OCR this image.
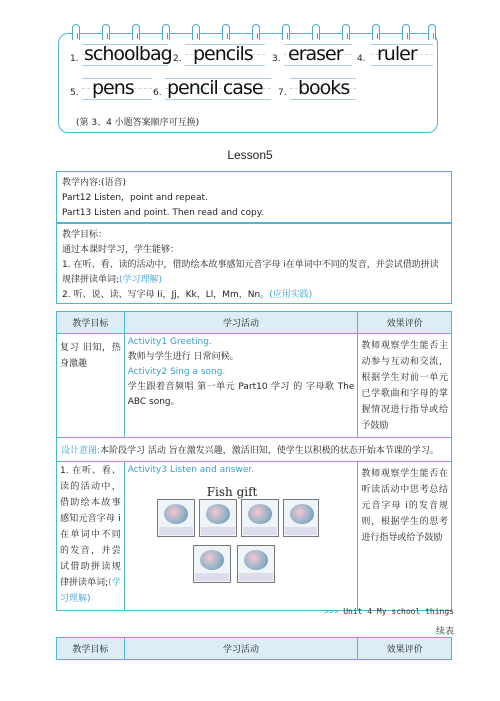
1. schoolbag 2. pencils 3. eraser 4. ruler
5. pens 6. pencil case 7. books
(第 3、4 小题答案顺序可互换)
Lesson5

教学内容:(语音)

Part12 Listen，point and repeat.

Part13 Listen and point. Then read and copy.

教学目标：

通过本课时学习，学生能够：

1. 在听、看、读的活动中，借助绘本故事感知元音字母 i在单词中不同的发音，并尝试借助拼读

规律拼读单词;(学习理解)

2. 听、说、读、写字母 Ii，Jj，Kk，Ll，Mm，Nn。(应用实践)

教学目标	学习活动	效果评价

复习 旧知，热身激趣	Activity1 Greeting.
教师与学生进行 日常问候。
Activity2 Sing a song.
学生跟着音频唱 第一单元 Part10 学习 的 字母歌 The ABC song。	教师观察学生能否主动参与互动和交流，根据学生对前一单元已学歌曲和字母的掌握情况进行指导或给予鼓励

设计意图:本阶段学习 活动 旨在激发兴趣，激活旧知，使学生以积极的状态开始本节课的学习。		

1. 在听、看、读的活动中，借助绘本故事感知元音字母 i在单词中不同的发音，并尝试借助拼读规律拼读单词;(学习理解)	Activity3 Listen and answer.
Fish gift	教师观察学生能否在听读活动中思考总结元音字母 i的发音规则，根据学生的思考进行指导或给予鼓励
>>> Unit 4 My school things
续表
教学目标	学习活动	效果评价
